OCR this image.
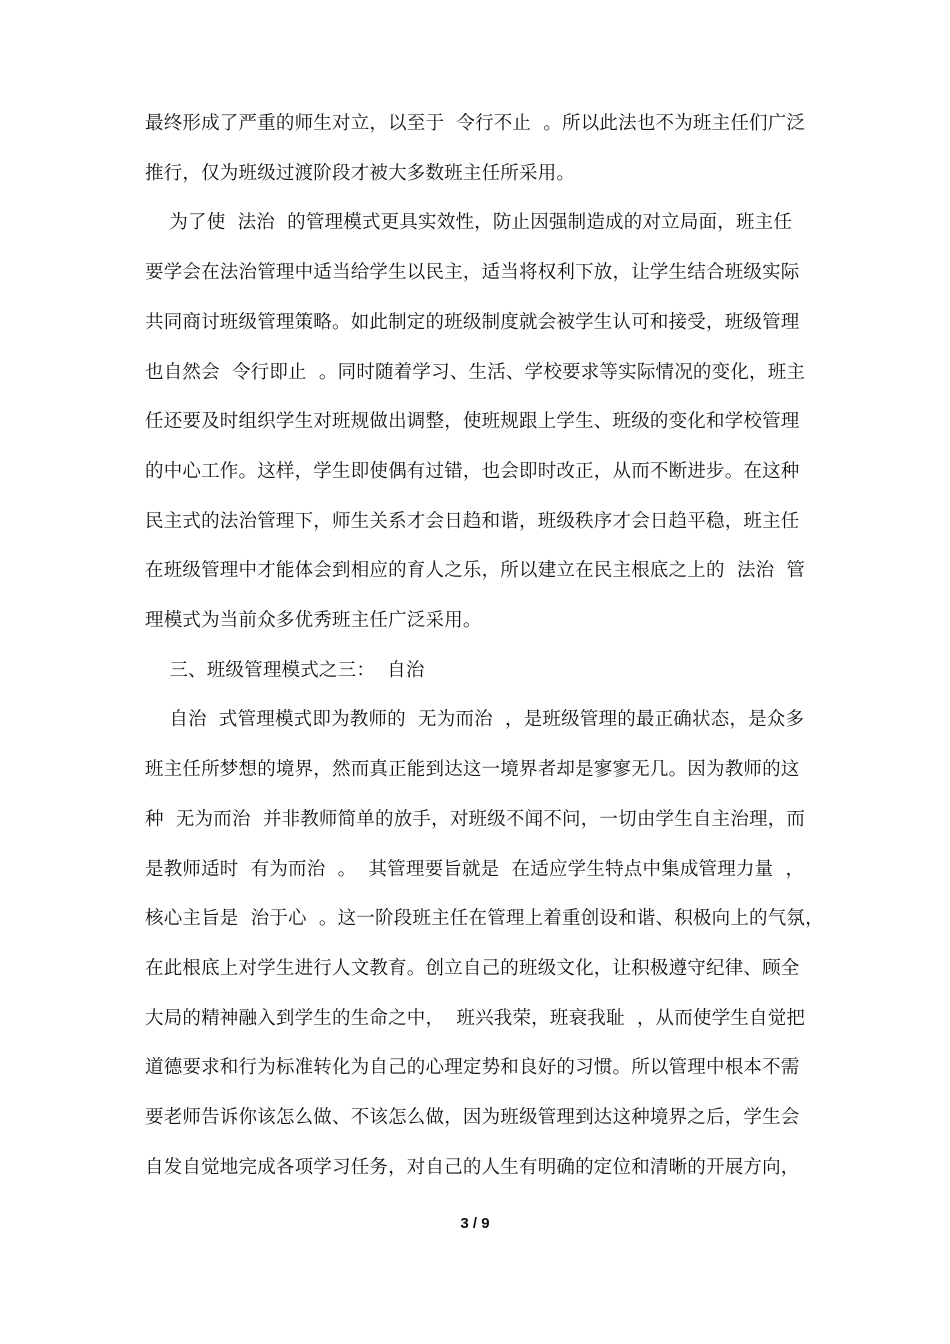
最终形成了严重的师生对立，以至于  令行不止  。所以此法也不为班主任们广泛
推行，仅为班级过渡阶段才被大多数班主任所采用。
为了使  法治  的管理模式更具实效性，防止因强制造成的对立局面，班主任
要学会在法治管理中适当给学生以民主，适当将权利下放，让学生结合班级实际
共同商讨班级管理策略。如此制定的班级制度就会被学生认可和接受，班级管理
也自然会  令行即止  。同时随着学习、生活、学校要求等实际情况的变化，班主
任还要及时组织学生对班规做出调整，使班规跟上学生、班级的变化和学校管理
的中心工作。这样，学生即使偶有过错，也会即时改正，从而不断进步。在这种
民主式的法治管理下，师生关系才会日趋和谐，班级秩序才会日趋平稳，班主任
在班级管理中才能体会到相应的育人之乐，所以建立在民主根底之上的  法治  管
理模式为当前众多优秀班主任广泛采用。
三、班级管理模式之三：  自治
自治  式管理模式即为教师的  无为而治  ，是班级管理的最正确状态，是众多
班主任所梦想的境界，然而真正能到达这一境界者却是寥寥无几。因为教师的这
种  无为而治  并非教师简单的放手，对班级不闻不问，一切由学生自主治理，而
是教师适时  有为而治  。  其管理要旨就是  在适应学生特点中集成管理力量  ，
核心主旨是  治于心  。这一阶段班主任在管理上着重创设和谐、积极向上的气氛，
在此根底上对学生进行人文教育。创立自己的班级文化，让积极遵守纪律、顾全
大局的精神融入到学生的生命之中，  班兴我荣，班衰我耻  ，从而使学生自觉把
道德要求和行为标准转化为自己的心理定势和良好的习惯。所以管理中根本不需
要老师告诉你该怎么做、不该怎么做，因为班级管理到达这种境界之后，学生会
自发自觉地完成各项学习任务，对自己的人生有明确的定位和清晰的开展方向，
3 / 9
